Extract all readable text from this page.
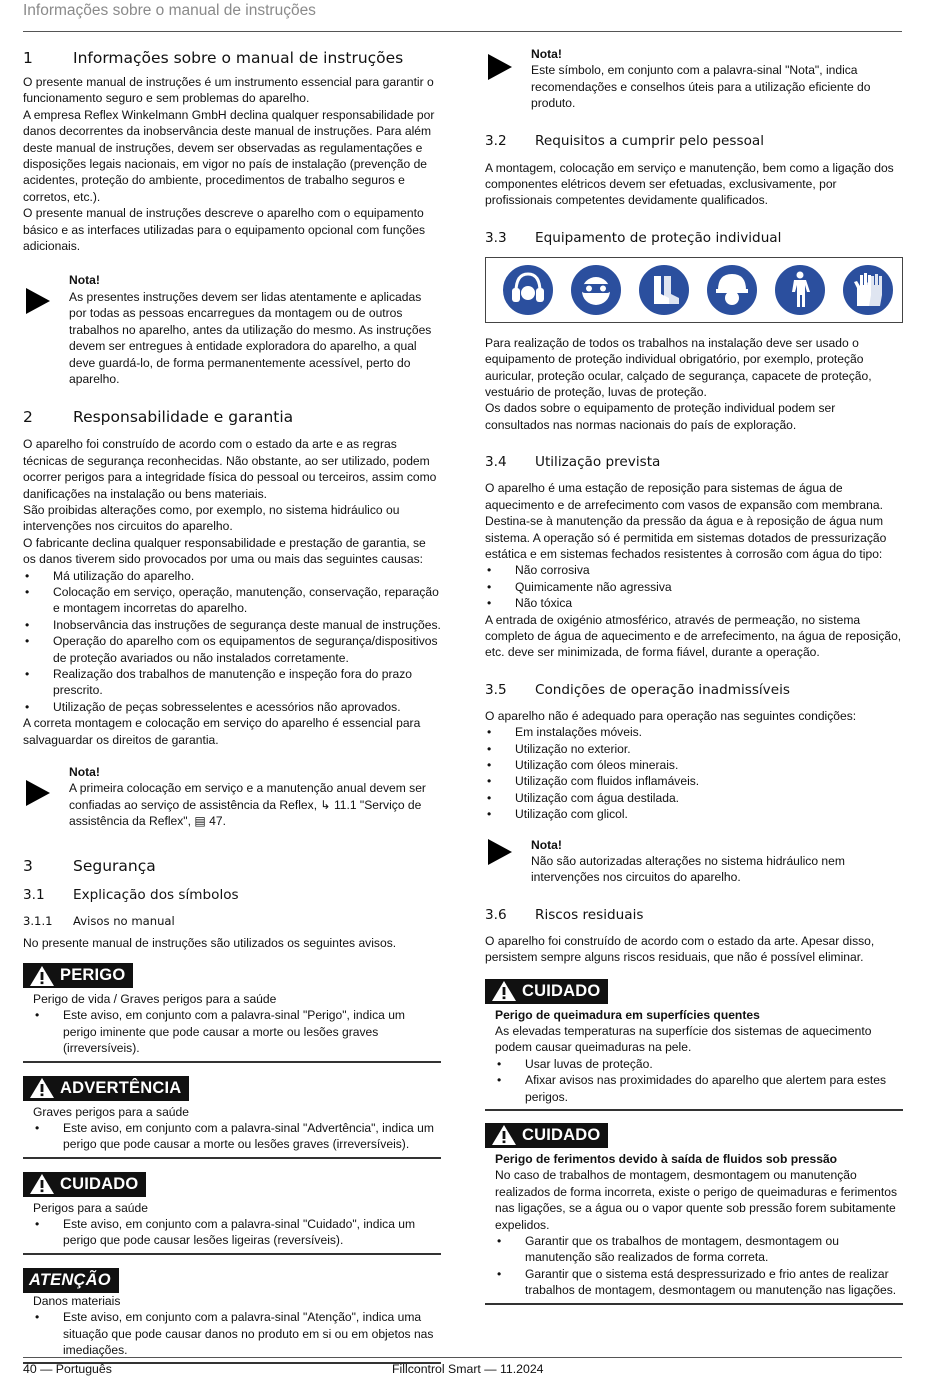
Informações sobre o manual de instruções
1	Informações sobre o manual de instruções

O presente manual de instruções é um instrumento essencial para garantir o funcionamento seguro e sem problemas do aparelho.

A empresa Reflex Winkelmann GmbH declina qualquer responsabilidade por danos decorrentes da inobservância deste manual de instruções. Para além deste manual de instruções, devem ser observadas as regulamentações e disposições legais nacionais, em vigor no país de instalação (prevenção de acidentes, proteção do ambiente, procedimentos de trabalho seguros e corretos, etc.).

O presente manual de instruções descreve o aparelho com o equipamento básico e as interfaces utilizadas para o equipamento opcional com funções adicionais.

Nota!

As presentes instruções devem ser lidas atentamente e aplicadas por todas as pessoas encarregues da montagem ou de outros trabalhos no aparelho, antes da utilização do mesmo. As instruções devem ser entregues à entidade exploradora do aparelho, a qual deve guardá-lo, de forma permanentemente acessível, perto do aparelho.

2	Responsabilidade e garantia

O aparelho foi construído de acordo com o estado da arte e as regras técnicas de segurança reconhecidas. Não obstante, ao ser utilizado, podem ocorrer perigos para a integridade física do pessoal ou terceiros, assim como danificações na instalação ou bens materiais.

São proibidas alterações como, por exemplo, no sistema hidráulico ou intervenções nos circuitos do aparelho.

O fabricante declina qualquer responsabilidade e prestação de garantia, se os danos tiverem sido provocados por uma ou mais das seguintes causas:

• Má utilização do aparelho.
• Colocação em serviço, operação, manutenção, conservação, reparação e montagem incorretas do aparelho.
• Inobservância das instruções de segurança deste manual de instruções.
• Operação do aparelho com os equipamentos de segurança/dispositivos de proteção avariados ou não instalados corretamente.
• Realização dos trabalhos de manutenção e inspeção fora do prazo prescrito.
• Utilização de peças sobresselentes e acessórios não aprovados.

A correta montagem e colocação em serviço do aparelho é essencial para salvaguardar os direitos de garantia.

Nota!

A primeira colocação em serviço e a manutenção anual devem ser confiadas ao serviço de assistência da Reflex, ↳ 11.1 "Serviço de assistência da Reflex", ▤ 47.

3	Segurança
3.1	Explicação dos símbolos
3.1.1	Avisos no manual

No presente manual de instruções são utilizados os seguintes avisos.

PERIGO

Perigo de vida / Graves perigos para a saúde

• Este aviso, em conjunto com a palavra-sinal "Perigo", indica um perigo iminente que pode causar a morte ou lesões graves (irreversíveis).
ADVERTÊNCIA

Graves perigos para a saúde

• Este aviso, em conjunto com a palavra-sinal "Advertência", indica um perigo que pode causar a morte ou lesões graves (irreversíveis).
CUIDADO

Perigos para a saúde

• Este aviso, em conjunto com a palavra-sinal "Cuidado", indica um perigo que pode causar lesões ligeiras (reversíveis).
ATENÇÃO

Danos materiais

• Este aviso, em conjunto com a palavra-sinal "Atenção", indica uma situação que pode causar danos no produto em si ou em objetos nas imediações.

Nota!

Este símbolo, em conjunto com a palavra-sinal "Nota", indica recomendações e conselhos úteis para a utilização eficiente do produto.

3.2	Requisitos a cumprir pelo pessoal

A montagem, colocação em serviço e manutenção, bem como a ligação dos componentes elétricos devem ser efetuadas, exclusivamente, por profissionais competentes devidamente qualificados.

3.3	Equipamento de proteção individual

Para realização de todos os trabalhos na instalação deve ser usado o equipamento de proteção individual obrigatório, por exemplo, proteção auricular, proteção ocular, calçado de segurança, capacete de proteção, vestuário de proteção, luvas de proteção.

Os dados sobre o equipamento de proteção individual podem ser consultados nas normas nacionais do país de exploração.

3.4	Utilização prevista

O aparelho é uma estação de reposição para sistemas de água de aquecimento e de arrefecimento com vasos de expansão com membrana. Destina-se à manutenção da pressão da água e à reposição de água num sistema. A operação só é permitida em sistemas dotados de pressurização estática e em sistemas fechados resistentes à corrosão com água do tipo:

• Não corrosiva
• Quimicamente não agressiva
• Não tóxica

A entrada de oxigénio atmosférico, através de permeação, no sistema completo de água de aquecimento e de arrefecimento, na água de reposição, etc. deve ser minimizada, de forma fiável, durante a operação.

3.5	Condições de operação inadmissíveis

O aparelho não é adequado para operação nas seguintes condições:

• Em instalações móveis.
• Utilização no exterior.
• Utilização com óleos minerais.
• Utilização com fluidos inflamáveis.
• Utilização com água destilada.
• Utilização com glicol.

Nota!

Não são autorizadas alterações no sistema hidráulico nem intervenções nos circuitos do aparelho.

3.6	Riscos residuais

O aparelho foi construído de acordo com o estado da arte. Apesar disso, persistem sempre alguns riscos residuais, que não é possível eliminar.

CUIDADO

Perigo de queimadura em superfícies quentes

As elevadas temperaturas na superfície dos sistemas de aquecimento podem causar queimaduras na pele.

• Usar luvas de proteção.
• Afixar avisos nas proximidades do aparelho que alertem para estes perigos.
CUIDADO

Perigo de ferimentos devido à saída de fluidos sob pressão

No caso de trabalhos de montagem, desmontagem ou manutenção realizados de forma incorreta, existe o perigo de queimaduras e ferimentos nas ligações, se a água ou o vapor quente sob pressão forem subitamente expelidos.

• Garantir que os trabalhos de montagem, desmontagem ou manutenção são realizados de forma correta.
• Garantir que o sistema está despressurizado e frio antes de realizar trabalhos de montagem, desmontagem ou manutenção nas ligações.
40 — Português	Fillcontrol Smart — 11.2024
